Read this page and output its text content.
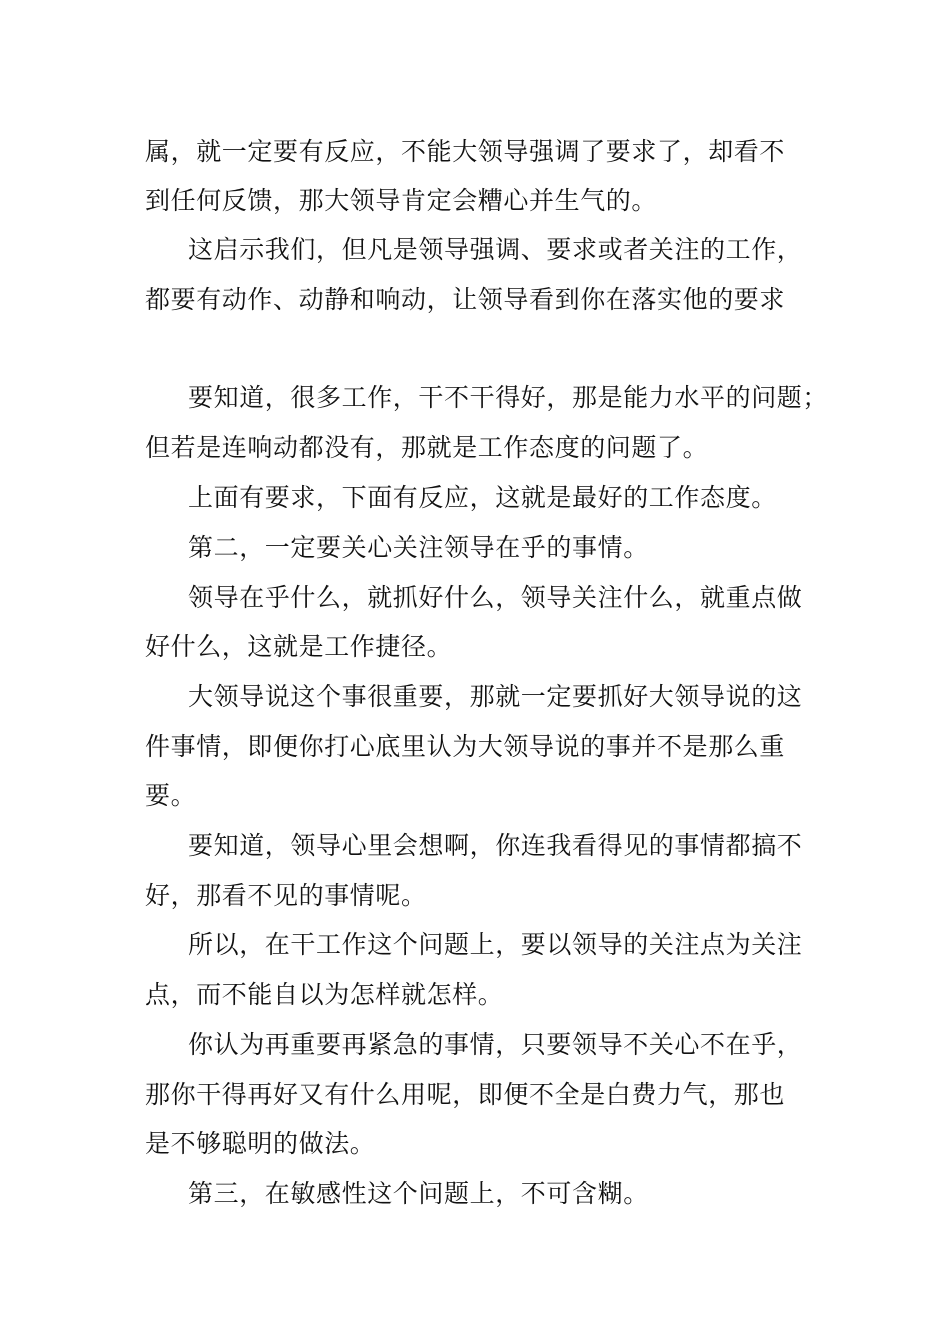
属，就一定要有反应，不能大领导强调了要求了，却看不

到任何反馈，那大领导肯定会糟心并生气的。

这启示我们，但凡是领导强调、要求或者关注的工作，

都要有动作、动静和响动，让领导看到你在落实他的要求

要知道，很多工作，干不干得好，那是能力水平的问题；

但若是连响动都没有，那就是工作态度的问题了。

上面有要求，下面有反应，这就是最好的工作态度。

第二，一定要关心关注领导在乎的事情。

领导在乎什么，就抓好什么，领导关注什么，就重点做

好什么，这就是工作捷径。

大领导说这个事很重要，那就一定要抓好大领导说的这

件事情，即便你打心底里认为大领导说的事并不是那么重

要。

要知道，领导心里会想啊，你连我看得见的事情都搞不

好，那看不见的事情呢。

所以，在干工作这个问题上，要以领导的关注点为关注

点，而不能自以为怎样就怎样。

你认为再重要再紧急的事情，只要领导不关心不在乎，

那你干得再好又有什么用呢，即便不全是白费力气，那也

是不够聪明的做法。

第三，在敏感性这个问题上，不可含糊。
